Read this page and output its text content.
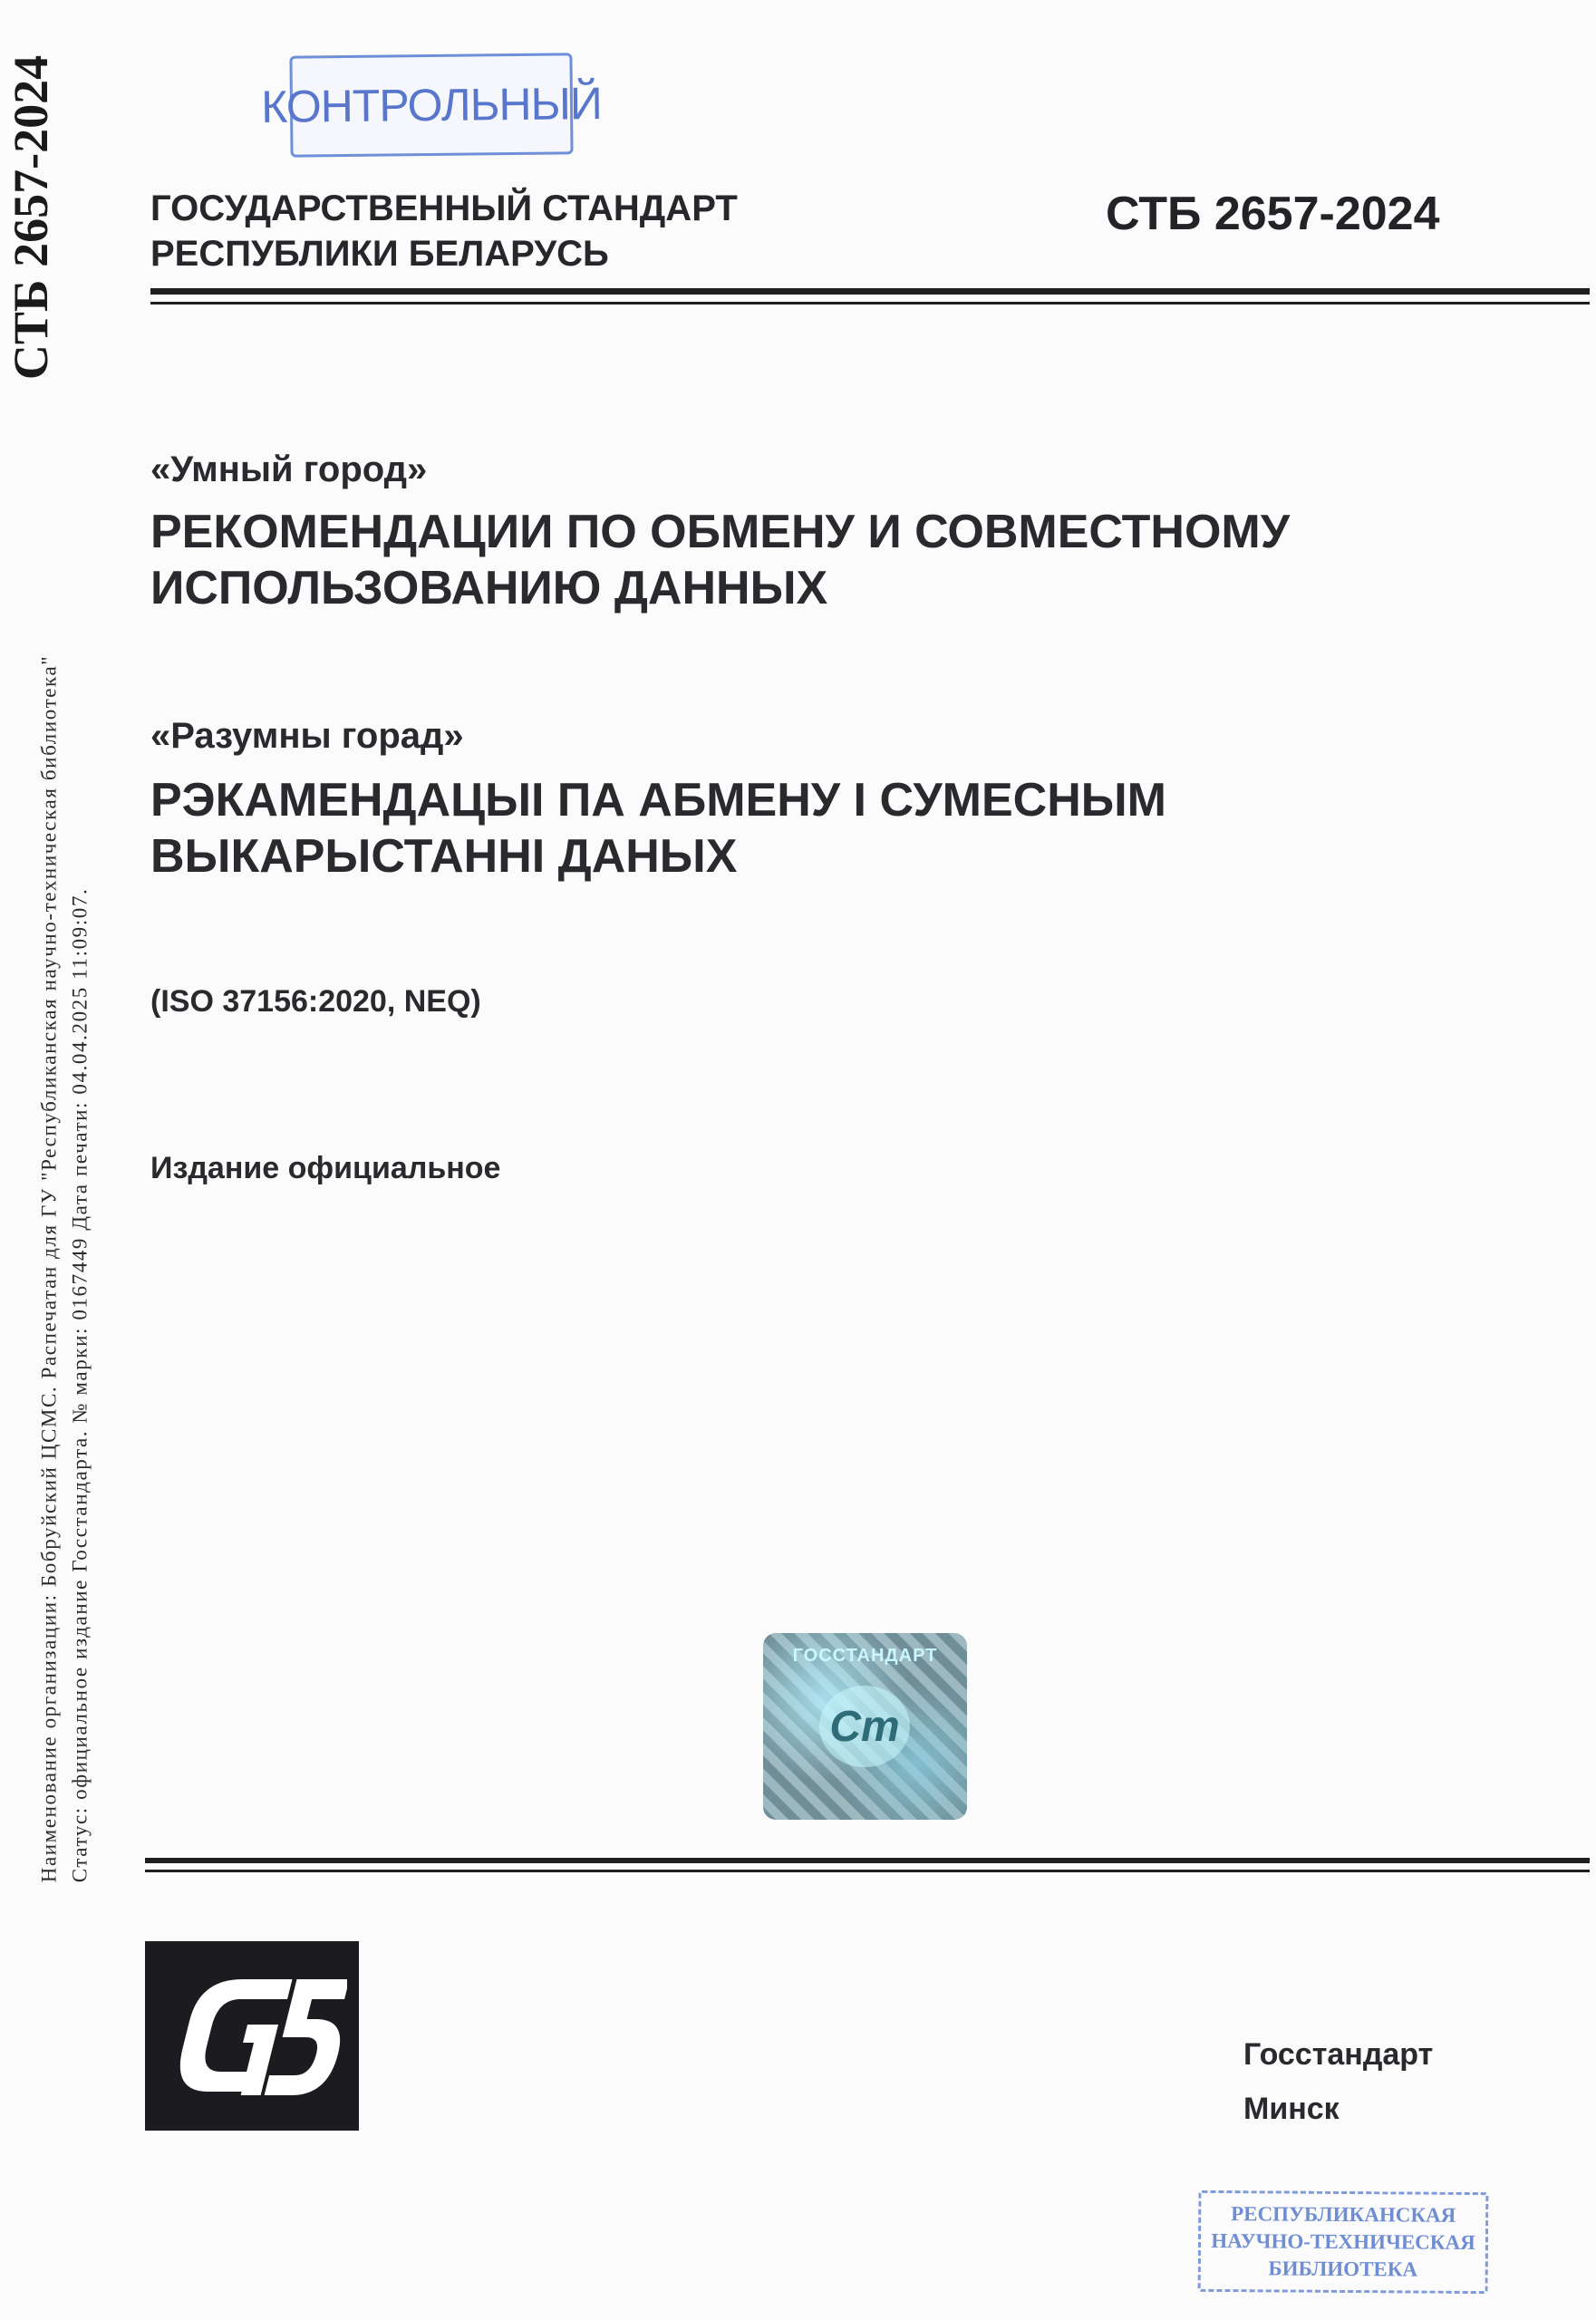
СТБ 2657-2024
Наименование организации: Бобруйский ЦСМС. Распечатан для ГУ "Республиканская научно-техническая библиотека" Статус: официальное издание Госстандарта. № марки: 0167449 Дата печати: 04.04.2025 11:09:07.
КОНТРОЛЬНЫЙ
ГОСУДАРСТВЕННЫЙ СТАНДАРТ
РЕСПУБЛИКИ БЕЛАРУСЬ
СТБ 2657-2024
«Умный город»
РЕКОМЕНДАЦИИ ПО ОБМЕНУ И СОВМЕСТНОМУ
ИСПОЛЬЗОВАНИЮ ДАННЫХ
«Разумны горад»
РЭКАМЕНДАЦЫІ ПА АБМЕНУ І СУМЕСНЫМ
ВЫКАРЫСТАННІ ДАНЫХ
(ISO 37156:2020, NEQ)
Издание официальное
ГОССТАНДАРТ
Ст
Госстандарт
Минск
РЕСПУБЛИКАНСКАЯ
НАУЧНО-ТЕХНИЧЕСКАЯ
БИБЛИОТЕКА
